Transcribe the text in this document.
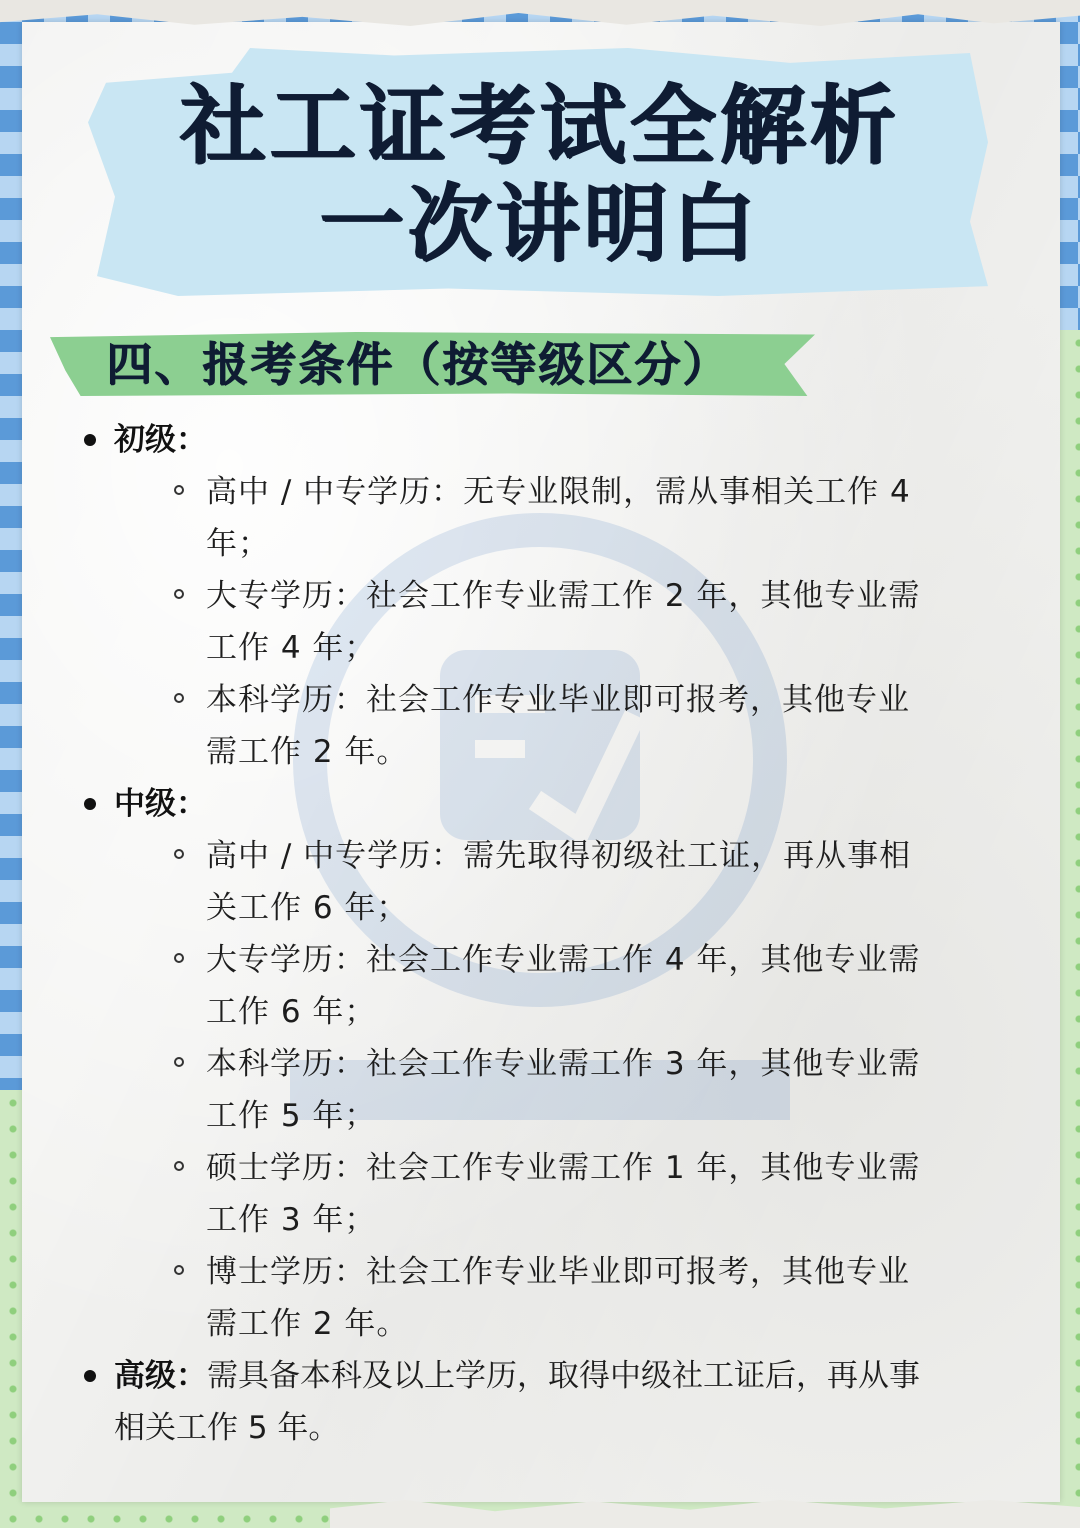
社工证考试全解析
一次讲明白
四、报考条件（按等级区分）
初级：
高中 / 中专学历：无专业限制，需从事相关工作 4 年；
大专学历：社会工作专业需工作 2 年，其他专业需工作 4 年；
本科学历：社会工作专业毕业即可报考，其他专业需工作 2 年。
中级：
高中 / 中专学历：需先取得初级社工证，再从事相关工作 6 年；
大专学历：社会工作专业需工作 4 年，其他专业需工作 6 年；
本科学历：社会工作专业需工作 3 年，其他专业需工作 5 年；
硕士学历：社会工作专业需工作 1 年，其他专业需工作 3 年；
博士学历：社会工作专业毕业即可报考，其他专业需工作 2 年。
高级：需具备本科及以上学历，取得中级社工证后，再从事相关工作 5 年。
